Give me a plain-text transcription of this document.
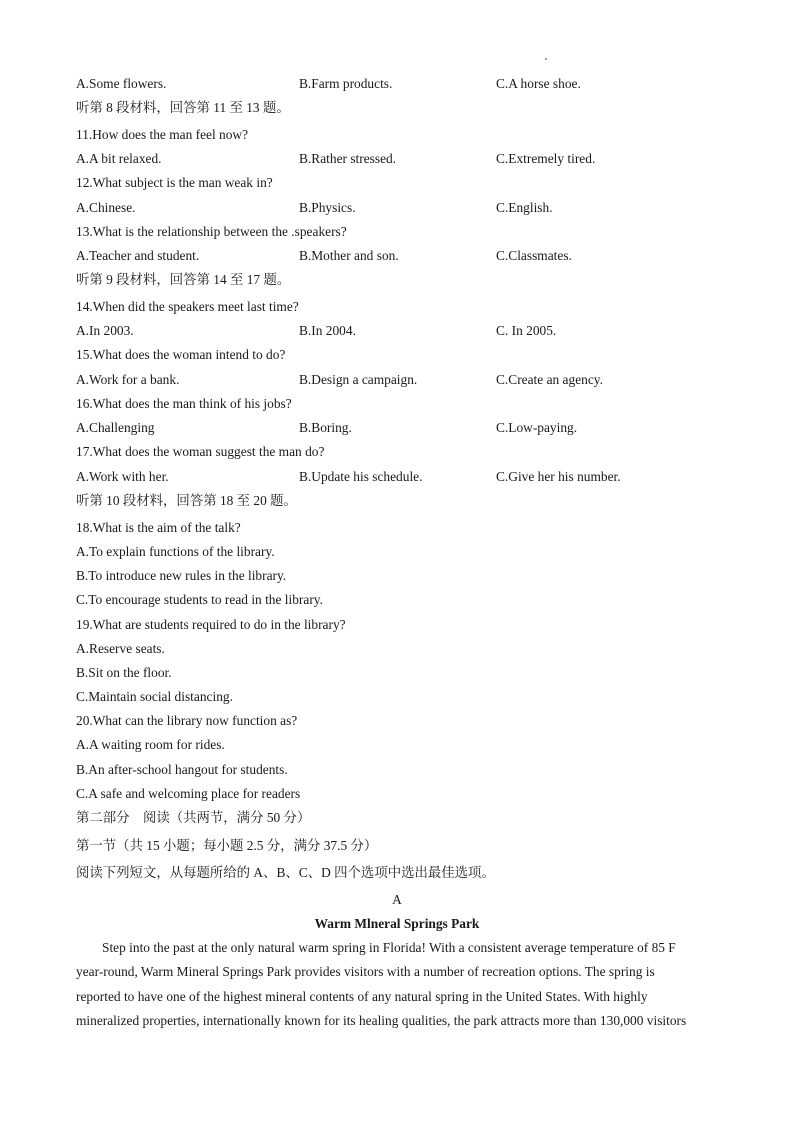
A.Some flowers.	B.Farm products.	C.A horse shoe.
听第 8 段材料，回答第 11 至 13 题。
11.How does the man feel now?
A.A bit relaxed.	B.Rather stressed.	C.Extremely tired.
12.What subject is the man weak in?
A.Chinese.	B.Physics.	C.English.
13.What is the relationship between the .speakers?
A.Teacher and student.	B.Mother and son.	C.Classmates.
听第 9 段材料，回答第 14 至 17 题。
14.When did the speakers meet last time?
A.In 2003.	B.In 2004.	C. In 2005.
15.What does the woman intend to do?
A.Work for a bank.	B.Design a campaign.	C.Create an agency.
16.What does the man think of his jobs?
A.Challenging	B.Boring.	C.Low-paying.
17.What does the woman suggest the man do?
A.Work with her.	B.Update his schedule.	C.Give her his number.
听第 10 段材料，回答第 18 至 20 题。
18.What is the aim of the talk?
A.To explain functions of the library.
B.To introduce new rules in the library.
C.To encourage students to read in the library.
19.What are students required to do in the library?
A.Reserve seats.
B.Sit on the floor.
C.Maintain social distancing.
20.What can the library now function as?
A.A waiting room for rides.
B.An after-school hangout for students.
C.A safe and welcoming place for readers
第二部分    阅读（共两节，满分 50 分）
第一节（共 15 小题；每小题 2.5 分，满分 37.5 分）
阅读下列短文，从每题所给的 A、B、C、D 四个选项中选出最佳选项。
A
Warm Mlneral Springs Park
Step into the past at the only natural warm spring in Florida! With a consistent average temperature of 85 F
year-round, Warm Mineral Springs Park provides visitors with a number of recreation options. The spring is
reported to have one of the highest mineral contents of any natural spring in the United States. With highly
mineralized properties, internationally known for its healing qualities, the park attracts more than 130,000 visitors
